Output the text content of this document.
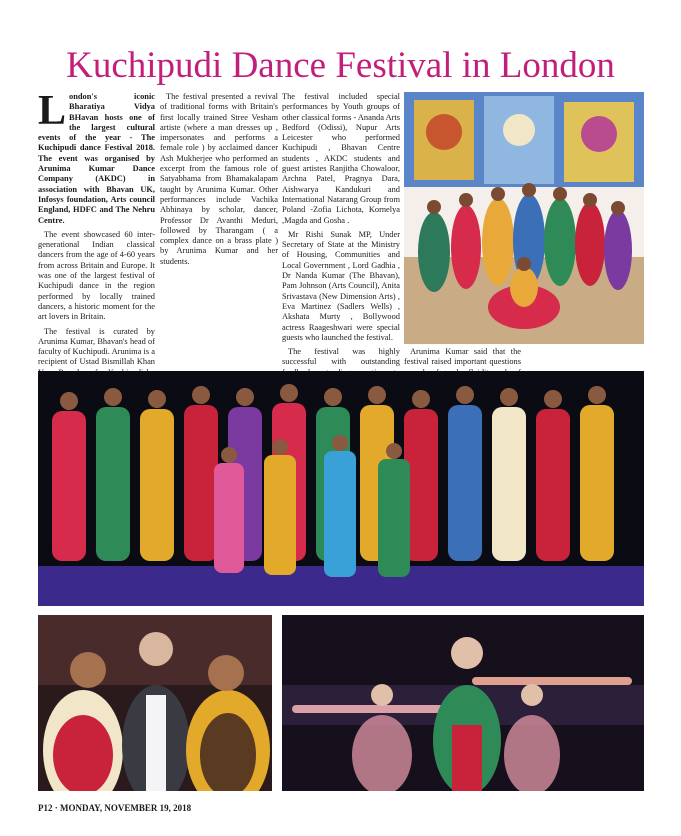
Kuchipudi Dance Festival in London

London's iconic Bharatiya Vidya BHavan hosts one of the largest cultural events of the year - The Kuchipudi dance Festival 2018. The event was organised by Arunima Kumar Dance Company (AKDC) in association with Bhavan UK, Infosys foundation, Arts council England, HDFC and The Nehru Centre.

The event showcased 60 inter-generational Indian classical dancers from the age of 4-60 years from across Britain and Europe. It was one of the largest festival of Kuchipudi dance in the region performed by locally trained dancers, a historic moment for the art lovers in Britain.

The festival is curated by Arunima Kumar, Bhavan's head of faculty of Kuchipudi. Arunima is a recipient of Ustad Bismillah Khan

The festival presented a revival of traditional forms with Britain's first locally trained Stree Vesham artiste (where a man dresses up , impersonates and performs a female role ) by acclaimed dancer Ash Mukherjee who performed an excerpt from the famous role of Satyabhama from Bhamakalapam taught by Arunima Kumar. Other performances include Vachika Abhinaya by scholar, dancer, Professor Dr Avanthi Meduri, followed by Tharangam ( a complex dance on a brass plate ) by Arunima Kumar and her students.

The festival included special performances by Youth groups of other classical forms - Ananda Arts Bedford (Odissi), Nupur Arts Leicester who performed Kuchipudi , Bhavan Centre students , AKDC students and guest artistes Ranjitha Chowaloor, Archna Patel, Pragnya Dara, Aishwarya Kandukuri and International Natarang Group from Poland -Zofia Lichota, Kornelya ,Magda and Gosha .

Mr Rishi Sunak MP, Under Secretary of State at the Ministry of Housing, Communities and Local Government , Lord Gadhia , Dr Nanda Kumar (The Bhavan), Pam Johnson (Arts Council), Anita Srivastava (New Dimension Arts) , Eva Martinez (Sadlers Wells) , Akshata Murty , Bollywood actress Raageshwari were special guests who launched the festival.

The festival was highly successful with outstanding

Arunima Kumar said that the festival raised important questions

P12 · MONDAY, NOVEMBER 19, 2018
